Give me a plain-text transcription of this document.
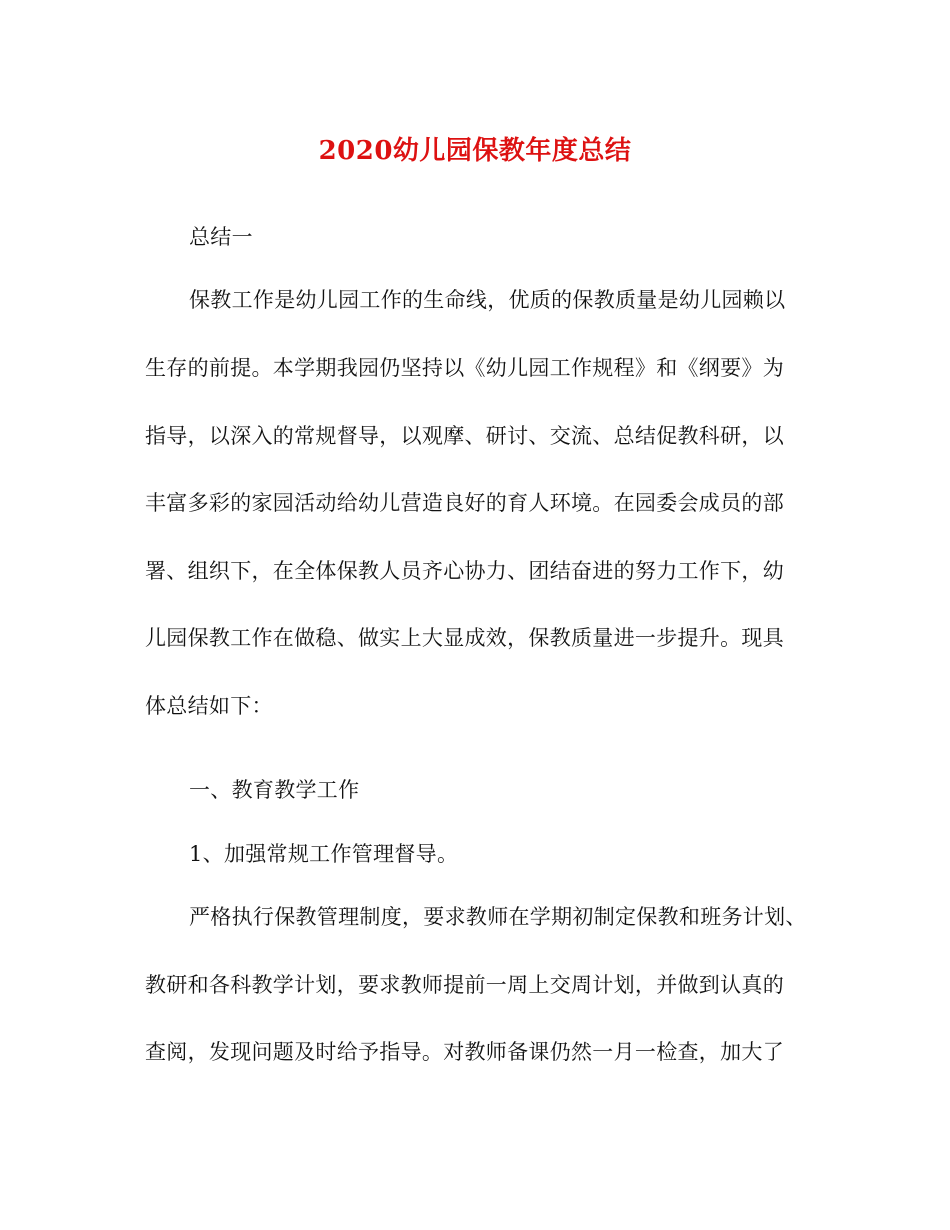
2020幼儿园保教年度总结
总结一
保教工作是幼儿园工作的生命线，优质的保教质量是幼儿园赖以
生存的前提。本学期我园仍坚持以《幼儿园工作规程》和《纲要》为
指导，以深入的常规督导，以观摩、研讨、交流、总结促教科研，以
丰富多彩的家园活动给幼儿营造良好的育人环境。在园委会成员的部
署、组织下，在全体保教人员齐心协力、团结奋进的努力工作下，幼
儿园保教工作在做稳、做实上大显成效，保教质量进一步提升。现具
体总结如下：
一、教育教学工作
1、加强常规工作管理督导。
严格执行保教管理制度，要求教师在学期初制定保教和班务计划、
教研和各科教学计划，要求教师提前一周上交周计划，并做到认真的
查阅，发现问题及时给予指导。对教师备课仍然一月一检查，加大了
